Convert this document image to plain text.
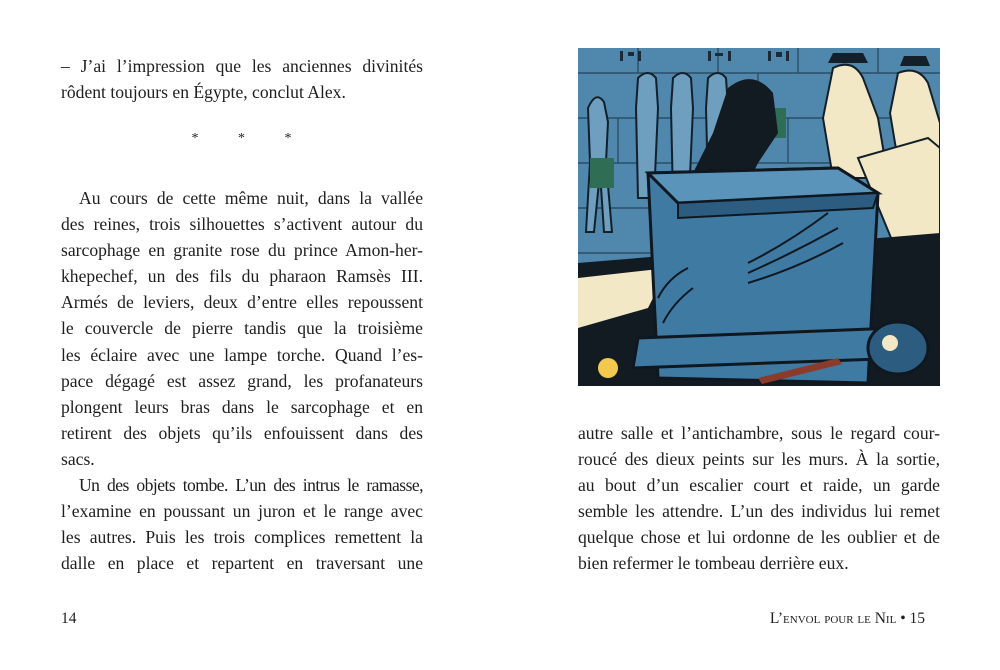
– J’ai l’impression que les anciennes divinités
rôdent toujours en Égypte, conclut Alex.
* * *
Au cours de cette même nuit, dans la vallée
des reines, trois silhouettes s’activent autour du
sarcophage en granite rose du prince Amon-her-
khepechef, un des fils du pharaon Ramsès III.
Armés de leviers, deux d’entre elles repoussent
le couvercle de pierre tandis que la troisième
les éclaire avec une lampe torche. Quand l’es-
pace dégagé est assez grand, les profanateurs
plongent leurs bras dans le sarcophage et en
retirent des objets qu’ils enfouissent dans des
sacs.
Un des objets tombe. L’un des intrus le ramasse,
l’examine en poussant un juron et le range avec
les autres. Puis les trois complices remettent la
dalle en place et repartent en traversant une
14
autre salle et l’antichambre, sous le regard cour-
roucé des dieux peints sur les murs. À la sortie,
au bout d’un escalier court et raide, un garde
semble les attendre. L’un des individus lui remet
quelque chose et lui ordonne de les oublier et de
bien refermer le tombeau derrière eux.
L’envol pour le Nil • 15
